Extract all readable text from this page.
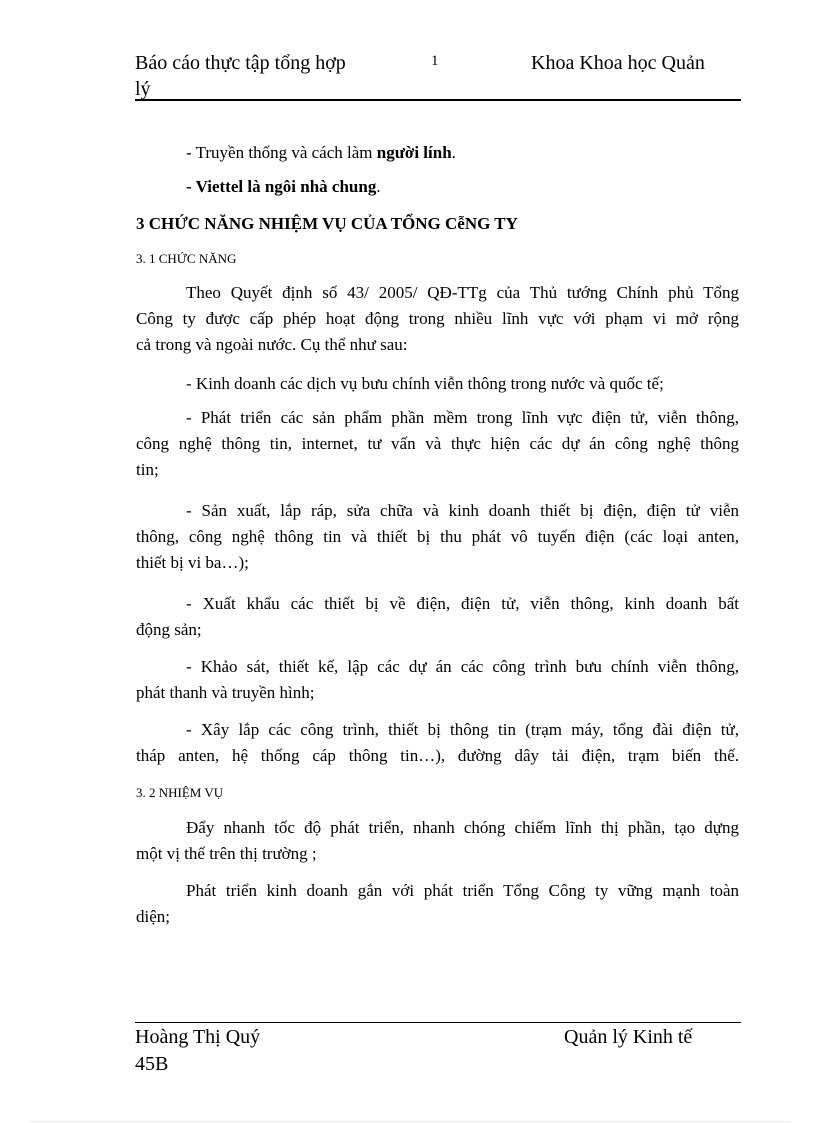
Báo cáo thực tập tổng hợp	1	Khoa Khoa học Quản
lý
- Truyền thống và cách làm người lính.
- Viettel là ngôi nhà chung.
3 CHỨC NĂNG NHIỆM VỤ CỦA TỔNG CễNG TY
3. 1 CHỨC NĂNG
Theo Quyết định số 43/ 2005/ QĐ-TTg của Thủ tướng Chính phủ Tổng
Công ty được cấp phép hoạt động trong nhiều lĩnh vực với phạm vi mở rộng
cả trong và ngoài nước. Cụ thể như sau:
- Kinh doanh các dịch vụ bưu chính viễn thông trong nước và quốc tế;
- Phát triển các sản phẩm phần mềm trong lĩnh vực điện tử, viễn thông,
công nghệ thông tin, internet, tư vấn và thực hiện các dự án công nghệ thông
tin;
- Sản xuất, lắp ráp, sửa chữa và kinh doanh thiết bị điện, điện tử viễn
thông, công nghệ thông tin và thiết bị thu phát vô tuyến điện (các loại anten,
thiết bị vi ba…);
- Xuất khẩu các thiết bị về điện, điện tử, viễn thông, kinh doanh bất
động sản;
- Khảo sát, thiết kế, lập các dự án các công trình bưu chính viễn thông,
phát thanh và truyền hình;
- Xây lắp các công trình, thiết bị thông tin (trạm máy, tổng đài điện tử,
tháp anten, hệ thống cáp thông tin…), đường dây tải điện, trạm biến thế.
3. 2 NHIỆM VỤ
Đẩy nhanh tốc độ phát triển, nhanh chóng chiếm lĩnh thị phần, tạo dựng
một vị thế trên thị trường ;
Phát triển kinh doanh gắn với phát triển Tổng Công ty vững mạnh toàn
diện;
Hoàng Thị Quý	Quản lý Kinh tế
45B
